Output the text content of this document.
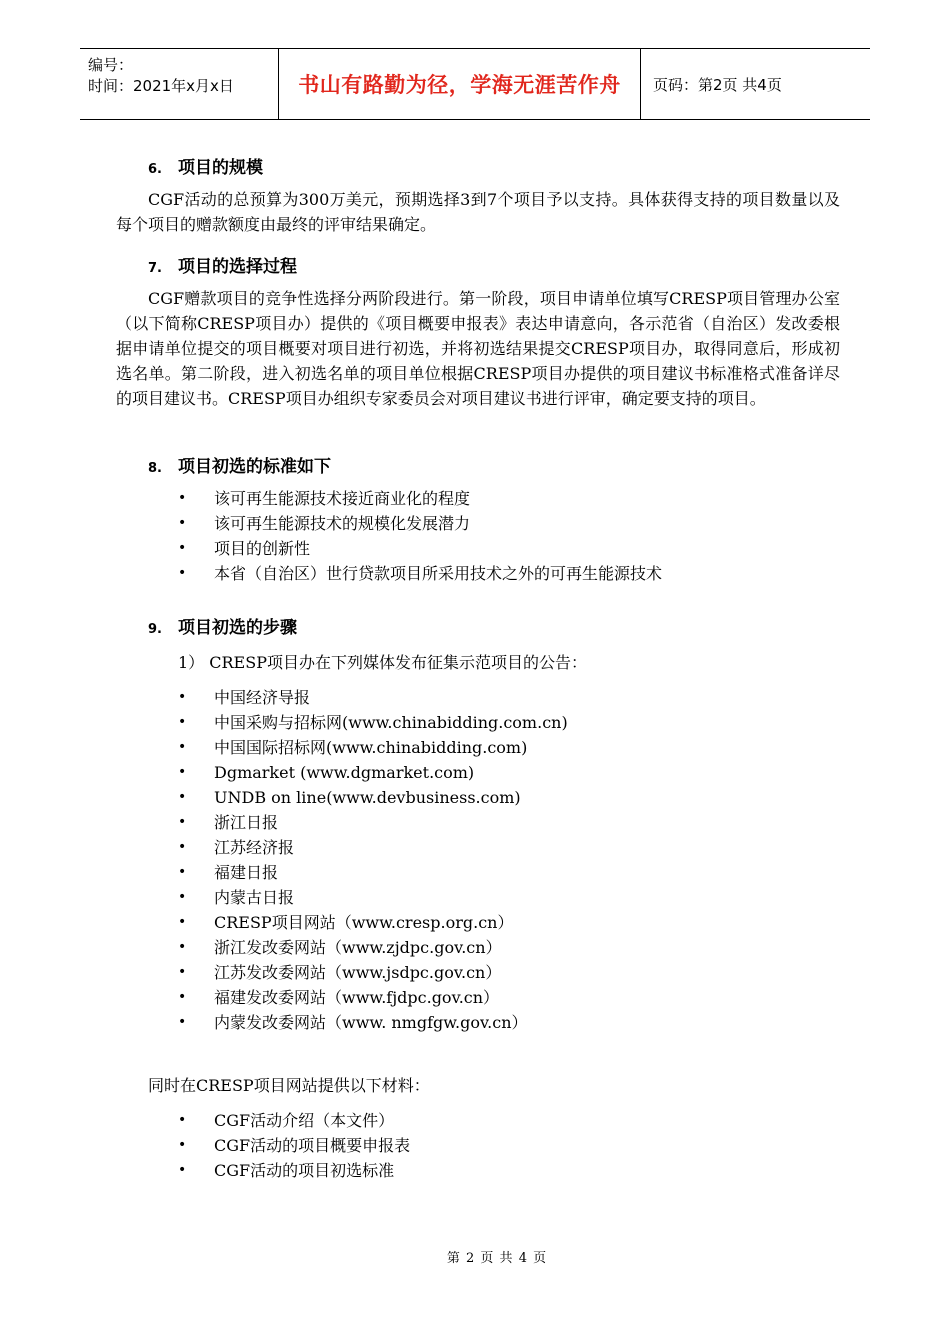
编号：
时间：2021年x月x日	书山有路勤为径，学海无涯苦作舟	页码：第2页 共4页
6. 项目的规模

CGF活动的总预算为300万美元，预期选择3到7个项目予以支持。具体获得支持的项目数量以及每个项目的赠款额度由最终的评审结果确定。

7. 项目的选择过程

CGF赠款项目的竞争性选择分两阶段进行。第一阶段，项目申请单位填写CRESP项目管理办公室（以下简称CRESP项目办）提供的《项目概要申报表》表达申请意向，各示范省（自治区）发改委根据申请单位提交的项目概要对项目进行初选，并将初选结果提交CRESP项目办，取得同意后，形成初选名单。第二阶段，进入初选名单的项目单位根据CRESP项目办提供的项目建议书标准格式准备详尽的项目建议书。CRESP项目办组织专家委员会对项目建议书进行评审，确定要支持的项目。

8. 项目初选的标准如下
• 该可再生能源技术接近商业化的程度
• 该可再生能源技术的规模化发展潜力
• 项目的创新性
• 本省（自治区）世行贷款项目所采用技术之外的可再生能源技术
9. 项目初选的步骤
1） CRESP项目办在下列媒体发布征集示范项目的公告：
• 中国经济导报
• 中国采购与招标网(www.chinabidding.com.cn)
• 中国国际招标网(www.chinabidding.com)
• Dgmarket (www.dgmarket.com)
• UNDB on line(www.devbusiness.com)
• 浙江日报
• 江苏经济报
• 福建日报
• 内蒙古日报
• CRESP项目网站（www.cresp.org.cn）
• 浙江发改委网站（www.zjdpc.gov.cn）
• 江苏发改委网站（www.jsdpc.gov.cn）
• 福建发改委网站（www.fjdpc.gov.cn）
• 内蒙发改委网站（www. nmgfgw.gov.cn）
同时在CRESP项目网站提供以下材料：
• CGF活动介绍（本文件）
• CGF活动的项目概要申报表
• CGF活动的项目初选标准
第 2 页 共 4 页
